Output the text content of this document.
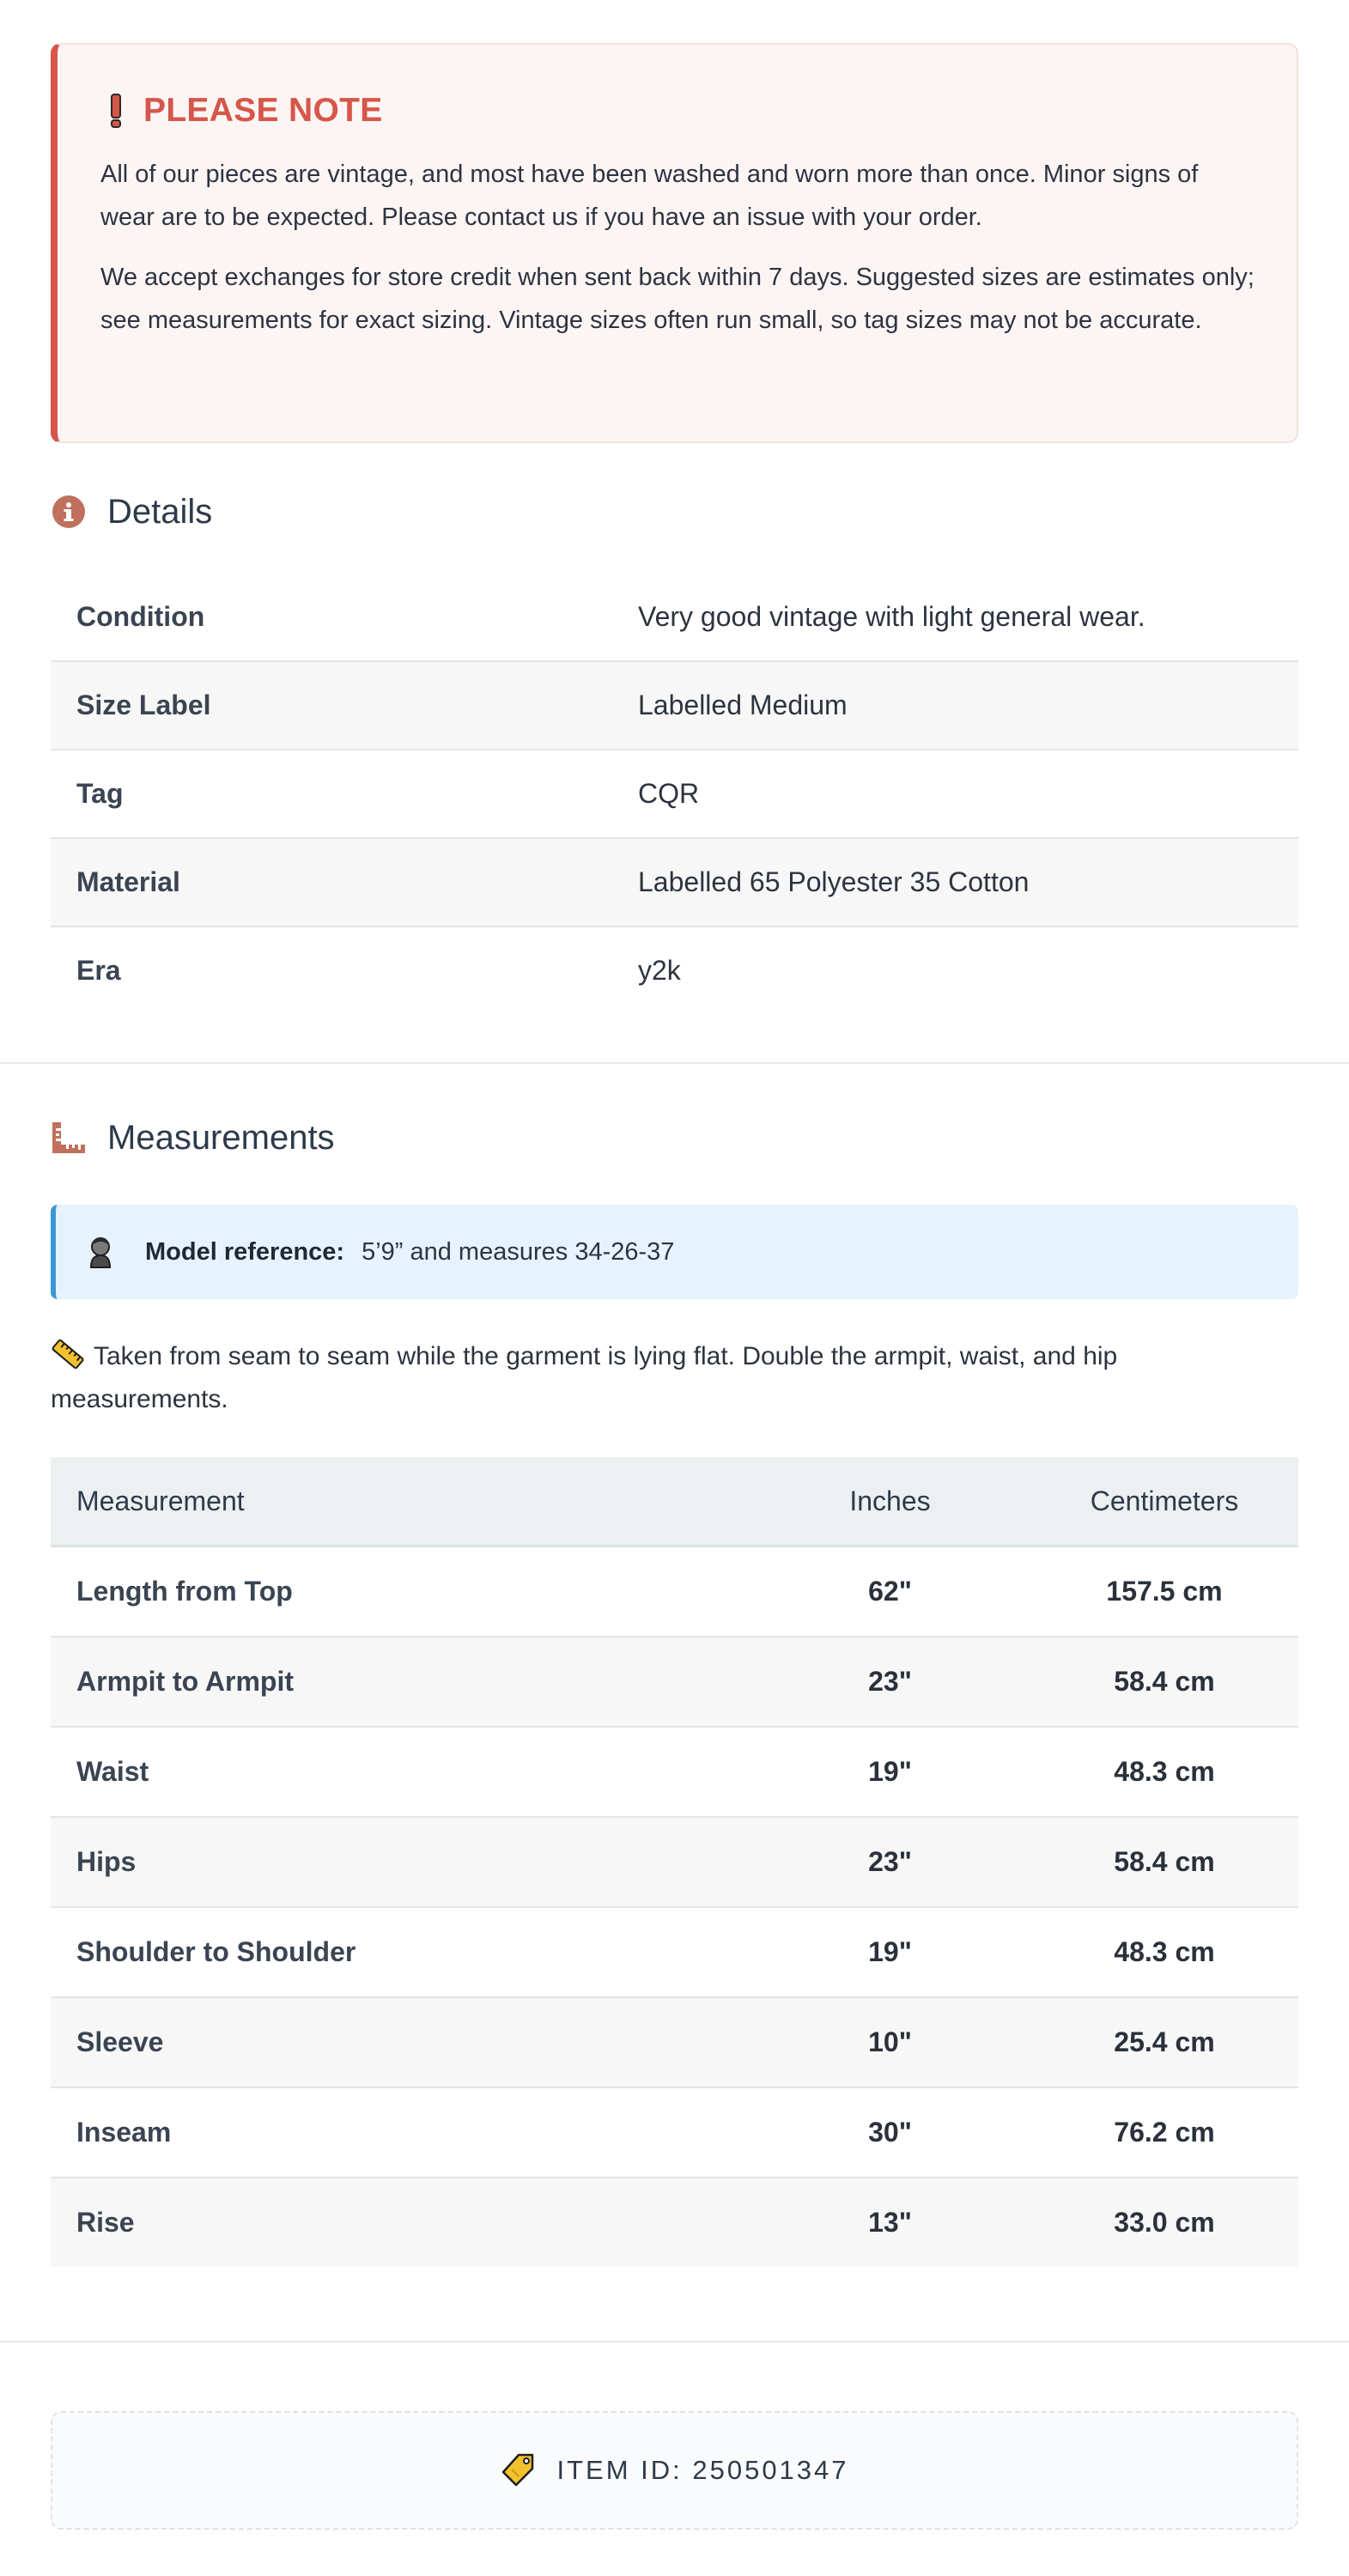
PLEASE NOTE

All of our pieces are vintage, and most have been washed and worn more than once. Minor signs of wear are to be expected. Please contact us if you have an issue with your order.

We accept exchanges for store credit when sent back within 7 days. Suggested sizes are estimates only; see measurements for exact sizing. Vintage sizes often run small, so tag sizes may not be accurate.

Details
Condition	Very good vintage with light general wear.
Size Label	Labelled Medium
Tag	CQR
Material	Labelled 65 Polyester 35 Cotton
Era	y2k
Measurements
Model reference: 5’9” and measures 34-26-37
Taken from seam to seam while the garment is lying flat. Double the armpit, waist, and hip measurements.
Measurement	Inches	Centimeters
Length from Top	62"	157.5 cm
Armpit to Armpit	23"	58.4 cm
Waist	19"	48.3 cm
Hips	23"	58.4 cm
Shoulder to Shoulder	19"	48.3 cm
Sleeve	10"	25.4 cm
Inseam	30"	76.2 cm
Rise	13"	33.0 cm
ITEM ID: 250501347
